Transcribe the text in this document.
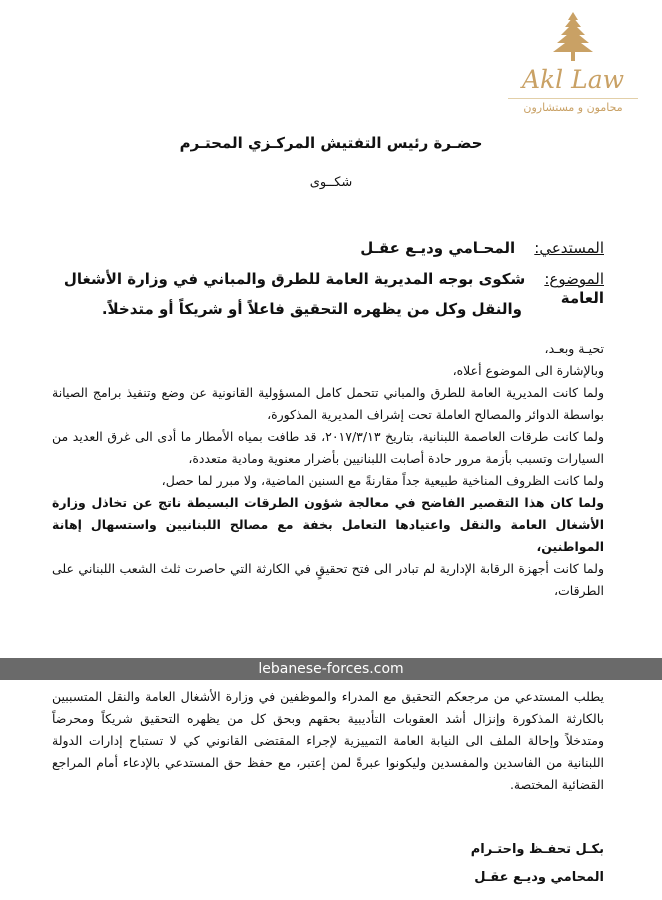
Akl Law
محامون و مستشارون
حضـرة رئيس التفتيش المركـزي المحتـرم
شكــوى
المستدعي: المحـامي وديـع عقـل
الموضوع: شكوى بوجه المديرية العامة للطرق والمباني في وزارة الأشغال العامة
والنقل وكل من يظهره التحقيق فاعلاً أو شريكاً أو متدخلاً.

تحيـة وبعـد،

وبالإشارة الى الموضوع أعلاه،

ولما كانت المديرية العامة للطرق والمباني تتحمل كامل المسؤولية القانونية عن وضع وتنفيذ برامج الصيانة بواسطة الدوائر والمصالح العاملة تحت إشراف المديرية المذكورة،

ولما كانت طرقات العاصمة اللبنانية، بتاريخ ٢٠١٧/٣/١٣، قد طافت بمياه الأمطار ما أدى الى غرق العديد من السيارات وتسبب بأزمة مرور حادة أصابت اللبنانيين بأضرار معنوية ومادية متعددة،

ولما كانت الظروف المناخية طبيعية جداً مقارنةً مع السنين الماضية، ولا مبرر لما حصل،

ولما كان هذا التقصير الفاضح في معالجة شؤون الطرقات البسيطة ناتج عن تخاذل وزارة الأشغال العامة والنقل واعتيادها التعامل بخفة مع مصالح اللبنانيين واستسهال إهانة المواطنين،

ولما كانت أجهزة الرقابة الإدارية لم تبادر الى فتح تحقيقٍ في الكارثة التي حاصرت ثلث الشعب اللبناني على الطرقات،

يطلب المستدعي من مرجعكم التحقيق مع المدراء والموظفين في وزارة الأشغال العامة والنقل المتسببين بالكارثة المذكورة وإنزال أشد العقوبات التأديبية بحقهم وبحق كل من يظهره التحقيق شريكاً ومحرضاً ومتدخلاً وإحالة الملف الى النيابة العامة التمييزية لإجراء المقتضى القانوني كي لا تستباح إدارات الدولة اللبنانية من الفاسدين والمفسدين وليكونوا عبرةً لمن إعتبر، مع حفظ حق المستدعي بالإدعاء أمام المراجع القضائية المختصة.

بكـل تحفـظ واحتـرام
المحامي وديـع عقـل
lebanese-forces.com
